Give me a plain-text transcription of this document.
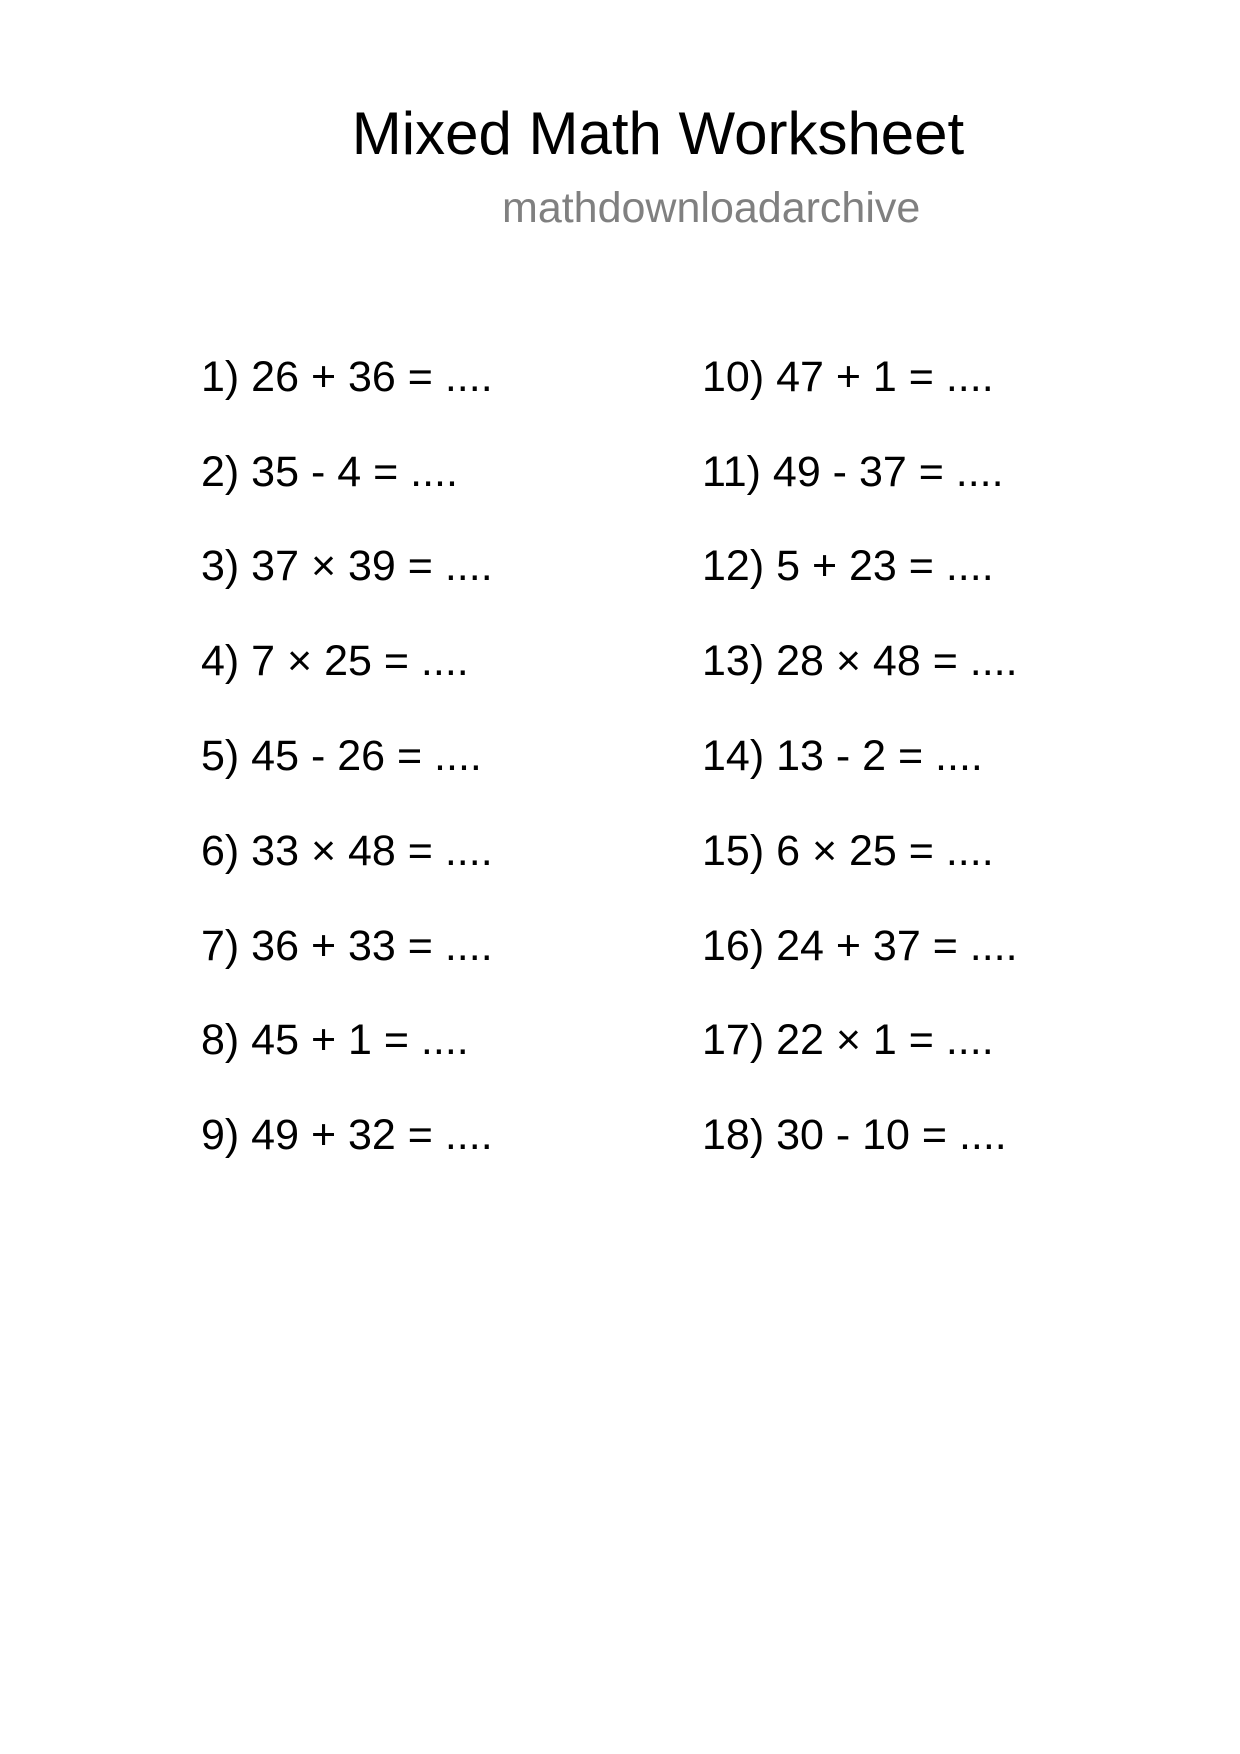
Mixed Math Worksheet
mathdownloadarchive
1) 26 + 36 = ....
2) 35 - 4 = ....
3) 37 × 39 = ....
4) 7 × 25 = ....
5) 45 - 26 = ....
6) 33 × 48 = ....
7) 36 + 33 = ....
8) 45 + 1 = ....
9) 49 + 32 = ....
10) 47 + 1 = ....
11) 49 - 37 = ....
12) 5 + 23 = ....
13) 28 × 48 = ....
14) 13 - 2 = ....
15) 6 × 25 = ....
16) 24 + 37 = ....
17) 22 × 1 = ....
18) 30 - 10 = ....
